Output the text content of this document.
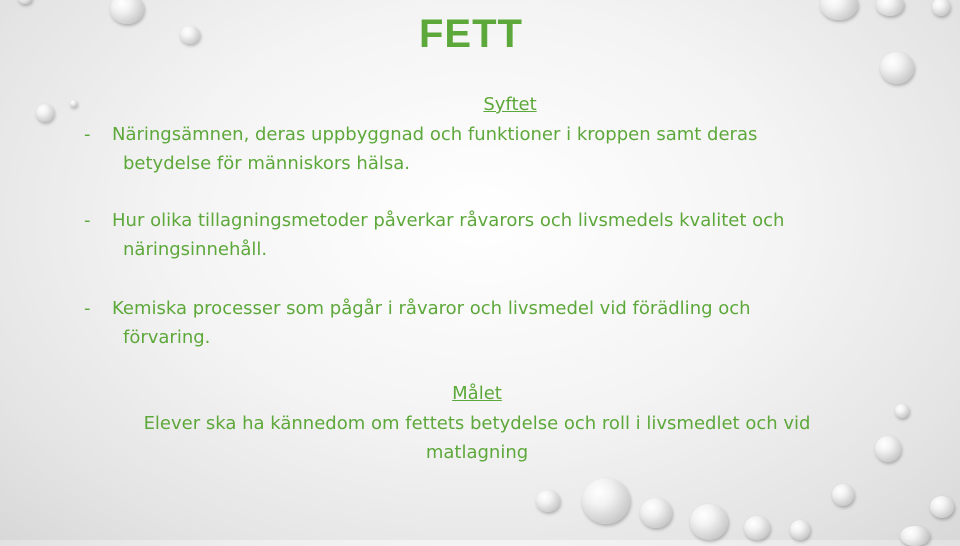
FETT

Syftet

- Näringsämnen, deras uppbyggnad och funktioner i kroppen samt deras
betydelse för människors hälsa.
- Hur olika tillagningsmetoder påverkar råvarors och livsmedels kvalitet och
näringsinnehåll.
- Kemiska processer som pågår i råvaror och livsmedel vid förädling och
förvaring.

Målet

Elever ska ha kännedom om fettets betydelse och roll i livsmedlet och vid
matlagning
